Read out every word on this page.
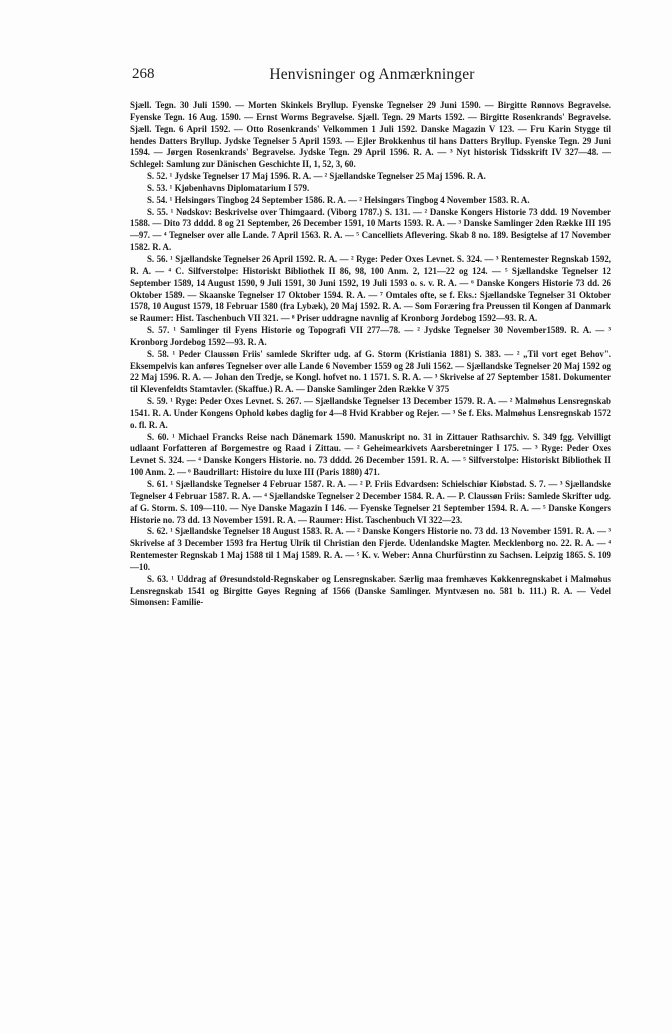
268	Henvisninger og Anmærkninger

Sjæll. Tegn. 30 Juli 1590. — Morten Skinkels Bryllup. Fyenske Tegnelser 29 Juni 1590. — Birgitte Rønnovs Begravelse. Fyenske Tegn. 16 Aug. 1590. — Ernst Worms Begravelse. Sjæll. Tegn. 29 Marts 1592. — Birgitte Rosenkrands' Begravelse. Sjæll. Tegn. 6 April 1592. — Otto Rosenkrands' Velkommen 1 Juli 1592. Danske Magazin V 123. — Fru Karin Stygge til hendes Datters Bryllup. Jydske Tegnelser 5 April 1593. — Ejler Brokkenhus til hans Datters Bryllup. Fyenske Tegn. 29 Juni 1594. — Jørgen Rosenkrands' Begravelse. Jydske Tegn. 29 April 1596. R. A. — ³ Nyt historisk Tidsskrift IV 327—48. — Schlegel: Samlung zur Dänischen Geschichte II, 1, 52, 3, 60.

S. 52. ¹ Jydske Tegnelser 17 Maj 1596. R. A. — ² Sjællandske Tegnelser 25 Maj 1596. R. A.

S. 53. ¹ Kjøbenhavns Diplomatarium I 579.

S. 54. ¹ Helsingørs Tingbog 24 September 1586. R. A. — ² Helsingørs Tingbog 4 November 1583. R. A.

S. 55. ¹ Nødskov: Beskrivelse over Thimgaard. (Viborg 1787.) S. 131. — ² Danske Kongers Historie 73 ddd. 19 November 1588. — Dito 73 dddd. 8 og 21 September, 26 December 1591, 10 Marts 1593. R. A. — ³ Danske Samlinger 2den Række III 195—97. — ⁴ Tegnelser over alle Lande. 7 April 1563. R. A. — ⁵ Cancelliets Aflevering. Skab 8 no. 189. Besigtelse af 17 November 1582. R. A.

S. 56. ¹ Sjællandske Tegnelser 26 April 1592. R. A. — ² Ryge: Peder Oxes Levnet. S. 324. — ³ Rentemester Regnskab 1592, R. A. — ⁴ C. Silfverstolpe: Historiskt Bibliothek II 86, 98, 100 Anm. 2, 121—22 og 124. — ⁵ Sjællandske Tegnelser 12 September 1589, 14 August 1590, 9 Juli 1591, 30 Juni 1592, 19 Juli 1593 o. s. v. R. A. — ⁶ Danske Kongers Historie 73 dd. 26 Oktober 1589. — Skaanske Tegnelser 17 Oktober 1594. R. A. — ⁷ Omtales ofte, se f. Eks.: Sjællandske Tegnelser 31 Oktober 1578, 10 August 1579, 18 Februar 1580 (fra Lybæk), 20 Maj 1592. R. A. — Som Foræring fra Preussen til Kongen af Danmark se Raumer: Hist. Taschenbuch VII 321. — ⁸ Priser uddragne navnlig af Kronborg Jordebog 1592—93. R. A.

S. 57. ¹ Samlinger til Fyens Historie og Topografi VII 277—78. — ² Jydske Tegnelser 30 November1589. R. A. — ³ Kronborg Jordebog 1592—93. R. A.

S. 58. ¹ Peder Claussøn Friis' samlede Skrifter udg. af G. Storm (Kristiania 1881) S. 383. — ² „Til vort eget Behov". Eksempelvis kan anføres Tegnelser over alle Lande 6 November 1559 og 28 Juli 1562. — Sjællandske Tegnelser 20 Maj 1592 og 22 Maj 1596. R. A. — Johan den Tredje, se Kongl. hofvet no. 1 1571. S. R. A. — ³ Skrivelse af 27 September 1581. Dokumenter til Klevenfeldts Stamtavler. (Skaffue.) R. A. — Danske Samlinger 2den Række V 375

S. 59. ¹ Ryge: Peder Oxes Levnet. S. 267. — Sjællandske Tegnelser 13 December 1579. R. A. — ² Malmøhus Lensregnskab 1541. R. A. Under Kongens Ophold købes daglig for 4—8 Hvid Krabber og Rejer. — ³ Se f. Eks. Malmøhus Lensregnskab 1572 o. fl. R. A.

S. 60. ¹ Michael Francks Reise nach Dänemark 1590. Manuskript no. 31 in Zittauer Rathsarchiv. S. 349 fgg. Velvilligt udlaant Forfatteren af Borgemestre og Raad i Zittau. — ² Geheimearkivets Aarsberetninger I 175. — ³ Ryge: Peder Oxes Levnet S. 324. — ⁴ Danske Kongers Historie. no. 73 dddd. 26 December 1591. R. A. — ⁵ Silfverstolpe: Historiskt Bibliothek II 100 Anm. 2. — ⁶ Baudrillart: Histoire du luxe III (Paris 1880) 471.

S. 61. ¹ Sjællandske Tegnelser 4 Februar 1587. R. A. — ² P. Friis Edvardsen: Schielschiør Kiøbstad. S. 7. — ³ Sjællandske Tegnelser 4 Februar 1587. R. A. — ⁴ Sjællandske Tegnelser 2 December 1584. R. A. — P. Claussøn Friis: Samlede Skrifter udg. af G. Storm. S. 109—110. — Nye Danske Magazin I 146. — Fyenske Tegnelser 21 September 1594. R. A. — ⁵ Danske Kongers Historie no. 73 dd. 13 November 1591. R. A. — Raumer: Hist. Taschenbuch VI 322—23.

S. 62. ¹ Sjællandske Tegnelser 18 August 1583. R. A. — ² Danske Kongers Historie no. 73 dd. 13 November 1591. R. A. — ³ Skrivelse af 3 December 1593 fra Hertug Ulrik til Christian den Fjerde. Udenlandske Magter. Mecklenborg no. 22. R. A. — ⁴ Rentemester Regnskab 1 Maj 1588 til 1 Maj 1589. R. A. — ⁵ K. v. Weber: Anna Churfürstinn zu Sachsen. Leipzig 1865. S. 109—10.

S. 63. ¹ Uddrag af Øresundstold-Regnskaber og Lensregnskaber. Særlig maa fremhæves Køkkenregnskabet i Malmøhus Lensregnskab 1541 og Birgitte Gøyes Regning af 1566 (Danske Samlinger. Myntvæsen no. 581 b. 111.) R. A. — Vedel Simonsen: Familie-
